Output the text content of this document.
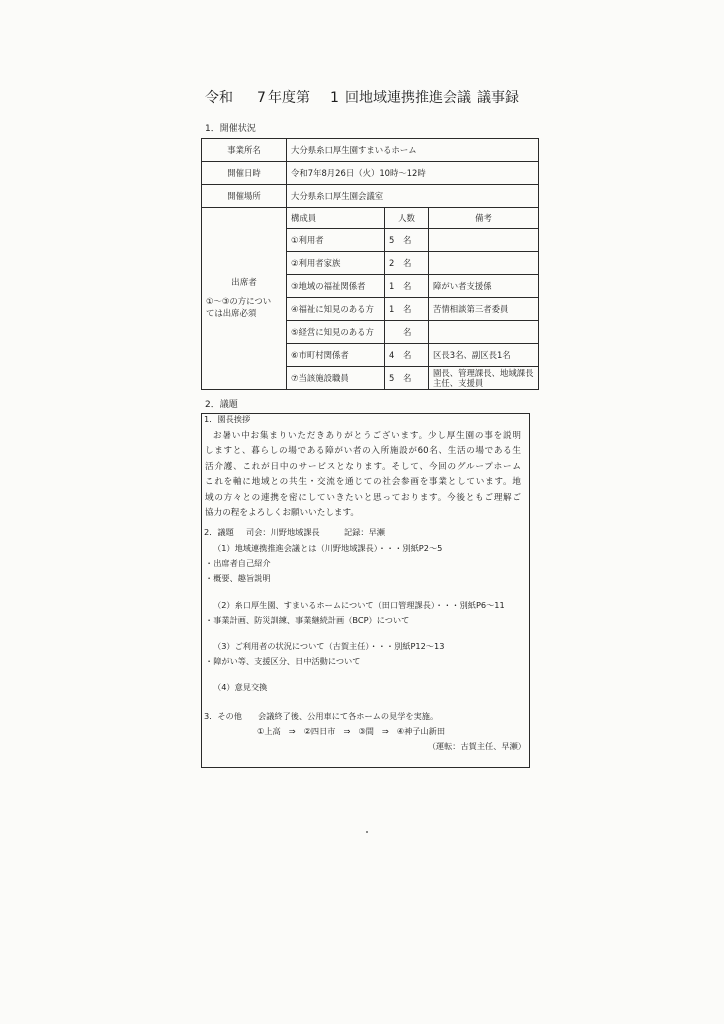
令和 7 年度第 1 回地域連携推進会議 議事録
1．開催状況
事業所名	大分県糸口厚生園すまいるホーム		
開催日時	令和7年8月26日（火）10時～12時		
開催場所	大分県糸口厚生園会議室		

出席者
①～③の方につい
ては出席必須	構成員	人数	備考
	①利用者	5 名	
	②利用者家族	2 名	
	③地域の福祉関係者	1 名	障がい者支援係

	④福祉に知見のある方	1 名	苦情相談第三者委員

	⑤経営に知見のある方	名	
	⑥市町村関係者	4 名	区長3名、副区長1名

	⑦当該施設職員	5 名	園長、管理課長、地域課長
主任、支援員
2．議題
1．園長挨拶
お暑い中お集まりいただきありがとうございます。少し厚生園の事を説明
しますと、暮らしの場である障がい者の入所施設が60名、生活の場である生
活介護、これが日中のサービスとなります。そして、今回のグループホーム
これを軸に地域との共生・交流を通じての社会参画を事業としています。地
域の方々との連携を密にしていきたいと思っております。今後ともご理解ご
協力の程をよろしくお願いいたします。
2．議題 司会：川野地域課長	記録：早瀬
（1）地域連携推進会議とは（川野地域課長）・・・別紙P2～5
・出席者自己紹介
・概要、趣旨説明
（2）糸口厚生園、すまいるホームについて（田口管理課長）・・・別紙P6～11
・事業計画、防災訓練、事業継続計画（BCP）について
（3）ご利用者の状況について（古賀主任）・・・別紙P12～13
・障がい等、支援区分、日中活動について
（4）意見交換
3．その他 会議終了後、公用車にて各ホームの見学を実施。
①上高 ⇒ ②四日市 ⇒ ③間 ⇒ ④神子山新田
（運転：古賀主任、早瀬）
